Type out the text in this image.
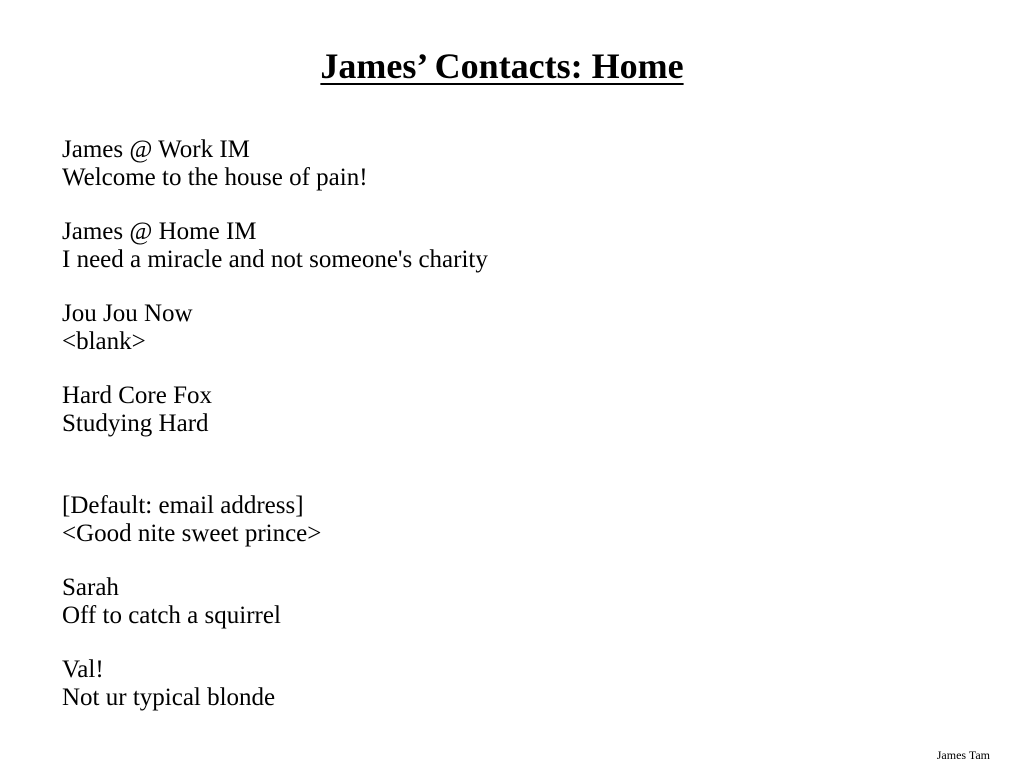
James’ Contacts: Home
James @ Work IM
Welcome to the house of pain!
James @ Home IM
I need a miracle and not someone's charity
Jou Jou Now
<blank>
Hard Core Fox
Studying Hard
[Default: email address]
<Good nite sweet prince>
Sarah
Off to catch a squirrel
Val!
Not ur typical blonde
James Tam
